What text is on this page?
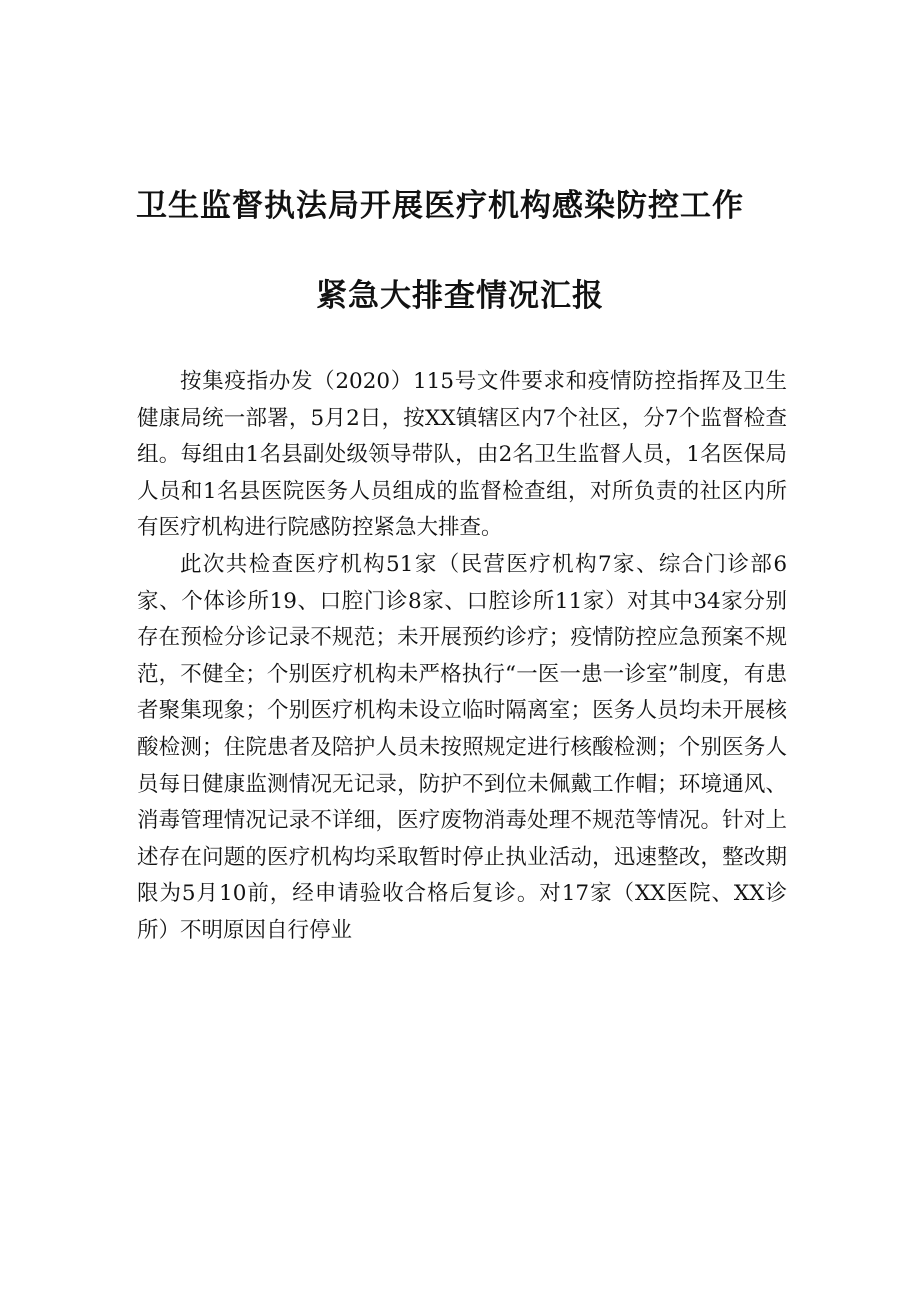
卫生监督执法局开展医疗机构感染防控工作
紧急大排查情况汇报

按集疫指办发（2020）115号文件要求和疫情防控指挥及卫生健康局统一部署，5月2日，按XX镇辖区内7个社区，分7个监督检查组。每组由1名县副处级领导带队，由2名卫生监督人员，1名医保局人员和1名县医院医务人员组成的监督检查组，对所负责的社区内所有医疗机构进行院感防控紧急大排查。

此次共检查医疗机构51家（民营医疗机构7家、综合门诊部6家、个体诊所19、口腔门诊8家、口腔诊所11家）对其中34家分别存在预检分诊记录不规范；未开展预约诊疗；疫情防控应急预案不规范，不健全；个别医疗机构未严格执行“一医一患一诊室”制度，有患者聚集现象；个别医疗机构未设立临时隔离室；医务人员均未开展核酸检测；住院患者及陪护人员未按照规定进行核酸检测；个别医务人员每日健康监测情况无记录，防护不到位未佩戴工作帽；环境通风、消毒管理情况记录不详细，医疗废物消毒处理不规范等情况。针对上述存在问题的医疗机构均采取暂时停止执业活动，迅速整改，整改期限为5月10前，经申请验收合格后复诊。对17家（XX医院、XX诊所）不明原因自行停业
